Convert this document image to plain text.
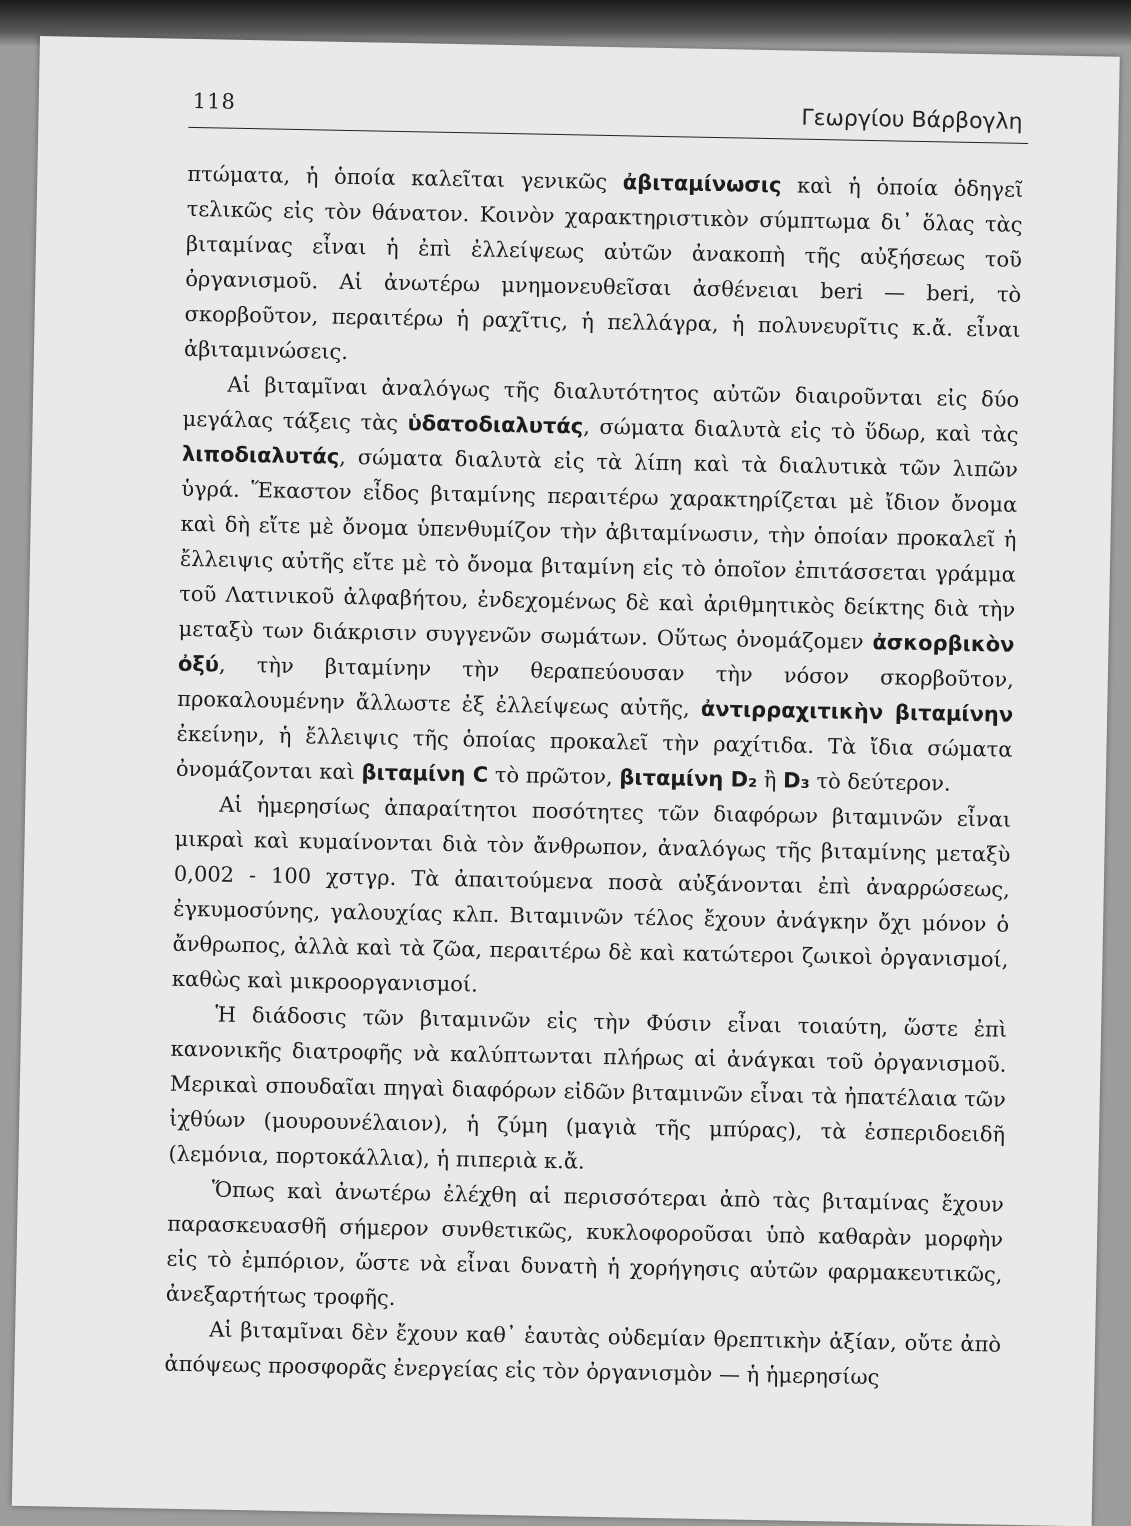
118
Γεωργίου Βάρβογλη

πτώματα, ἡ ὁποία καλεῖται γενικῶς ἀβιταμίνωσις καὶ ἡ ὁποία ὁδηγεῖ τελικῶς εἰς τὸν θάνατον. Κοινὸν χαρακτηριστικὸν σύμπτωμα δι᾽ ὅλας τὰς βιταμίνας εἶναι ἡ ἐπὶ ἐλλείψεως αὐτῶν ἀνακοπὴ τῆς αὐξήσεως τοῦ ὀργανισμοῦ. Αἱ ἀνωτέρω μνημονευθεῖσαι ἀσθένειαι beri — beri, τὸ σκορβοῦτον, περαιτέρω ἡ ραχῖτις, ἡ πελλάγρα, ἡ πολυνευρῖτις κ.ἄ. εἶναι ἀβιταμινώσεις.

Αἱ βιταμῖναι ἀναλόγως τῆς διαλυτότητος αὐτῶν διαιροῦνται εἰς δύο μεγάλας τάξεις τὰς ὑδατοδιαλυτάς, σώματα διαλυτὰ εἰς τὸ ὕδωρ, καὶ τὰς λιποδιαλυτάς, σώματα διαλυτὰ εἰς τὰ λίπη καὶ τὰ διαλυτικὰ τῶν λιπῶν ὑγρά. Ἕκαστον εἶδος βιταμίνης περαιτέρω χαρακτηρίζεται μὲ ἴδιον ὄνομα καὶ δὴ εἴτε μὲ ὄνομα ὑπενθυμίζον τὴν ἀβιταμίνωσιν, τὴν ὁποίαν προκαλεῖ ἡ ἔλλειψις αὐτῆς εἴτε μὲ τὸ ὄνομα βιταμίνη εἰς τὸ ὁποῖον ἐπιτάσσεται γράμμα τοῦ Λατινικοῦ ἀλφαβήτου, ἐνδεχομένως δὲ καὶ ἀριθμητικὸς δείκτης διὰ τὴν μεταξὺ των διάκρισιν συγγενῶν σωμάτων. Οὕτως ὀνομάζομεν ἀσκορβικὸν ὀξύ, τὴν βιταμίνην τὴν θεραπεύουσαν τὴν νόσον σκορβοῦτον, προκαλουμένην ἄλλωστε ἐξ ἐλλείψεως αὐτῆς, ἀντιρραχιτικὴν βιταμίνην ἐκείνην, ἡ ἔλλειψις τῆς ὁποίας προκαλεῖ τὴν ραχίτιδα. Τὰ ἴδια σώματα ὀνομάζονται καὶ βιταμίνη C τὸ πρῶτον, βιταμίνη D₂ ἢ D₃ τὸ δεύτερον.

Αἱ ἡμερησίως ἀπαραίτητοι ποσότητες τῶν διαφόρων βιταμινῶν εἶναι μικραὶ καὶ κυμαίνονται διὰ τὸν ἄνθρωπον, ἀναλόγως τῆς βιταμίνης μεταξὺ 0,002 - 100 χστγρ. Τὰ ἀπαιτούμενα ποσὰ αὐξάνονται ἐπὶ ἀναρρώσεως, ἐγκυμοσύνης, γαλουχίας κλπ. Βιταμινῶν τέλος ἔχουν ἀνάγκην ὄχι μόνον ὁ ἄνθρωπος, ἀλλὰ καὶ τὰ ζῶα, περαιτέρω δὲ καὶ κατώτεροι ζωικοὶ ὀργανισμοί, καθὼς καὶ μικροοργανισμοί.

Ἡ διάδοσις τῶν βιταμινῶν εἰς τὴν Φύσιν εἶναι τοιαύτη, ὥστε ἐπὶ κανονικῆς διατροφῆς νὰ καλύπτωνται πλήρως αἱ ἀνάγκαι τοῦ ὀργανισμοῦ. Μερικαὶ σπουδαῖαι πηγαὶ διαφόρων εἰδῶν βιταμινῶν εἶναι τὰ ἠπατέλαια τῶν ἰχθύων (μουρουνέλαιον), ἡ ζύμη (μαγιὰ τῆς μπύρας), τὰ ἑσπεριδοειδῆ (λεμόνια, πορτοκάλλια), ἡ πιπεριὰ κ.ἄ.

Ὅπως καὶ ἀνωτέρω ἐλέχθη αἱ περισσότεραι ἀπὸ τὰς βιταμίνας ἔχουν παρασκευασθῆ σήμερον συνθετικῶς, κυκλοφοροῦσαι ὑπὸ καθαρὰν μορφὴν εἰς τὸ ἐμπόριον, ὥστε νὰ εἶναι δυνατὴ ἡ χορήγησις αὐτῶν φαρμακευτικῶς, ἀνεξαρτήτως τροφῆς.

Αἱ βιταμῖναι δὲν ἔχουν καθ᾽ ἑαυτὰς οὐδεμίαν θρεπτικὴν ἀξίαν, οὔτε ἀπὸ ἀπόψεως προσφορᾶς ἐνεργείας εἰς τὸν ὀργανισμὸν — ἡ ἡμερησίως
